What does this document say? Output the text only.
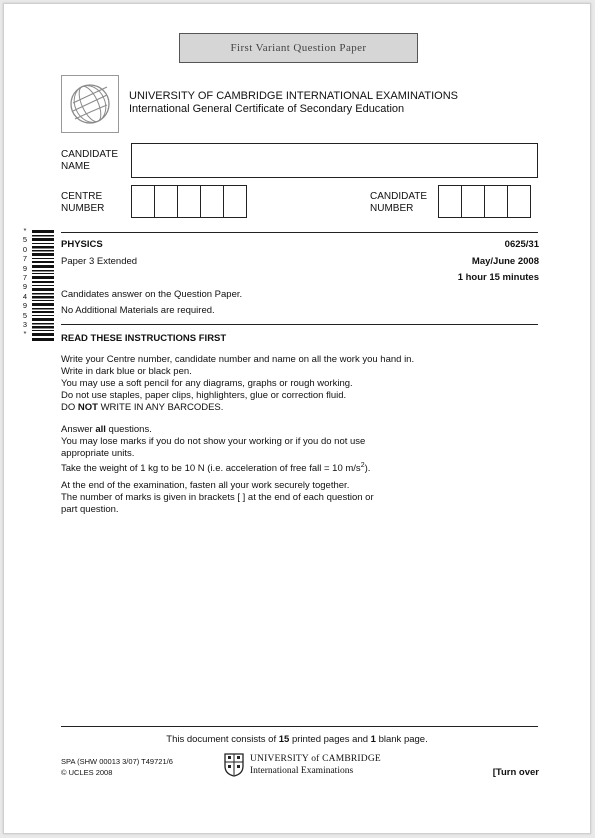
First Variant Question Paper
UNIVERSITY OF CAMBRIDGE INTERNATIONAL EXAMINATIONS
International General Certificate of Secondary Education
CANDIDATE
NAME
CENTRE
NUMBER
CANDIDATE
NUMBER
*
5
0
7
9
7
9
4
9
5
3
*
PHYSICS	0625/31
Paper 3 Extended	May/June 2008
1 hour 15 minutes
Candidates answer on the Question Paper.
No Additional Materials are required.
READ THESE INSTRUCTIONS FIRST
Write your Centre number, candidate number and name on all the work you hand in.
Write in dark blue or black pen.
You may use a soft pencil for any diagrams, graphs or rough working.
Do not use staples, paper clips, highlighters, glue or correction fluid.
DO NOT WRITE IN ANY BARCODES.
Answer all questions.
You may lose marks if you do not show your working or if you do not use
appropriate units.
Take the weight of 1 kg to be 10 N (i.e. acceleration of free fall = 10 $m/s^2$).
At the end of the examination, fasten all your work securely together.
The number of marks is given in brackets [ ] at the end of each question or
part question.
This document consists of 15 printed pages and 1 blank page.
SPA (SHW 00013 3/07) T49721/6
© UCLES 2008
UNIVERSITY of CAMBRIDGE
International Examinations	[Turn over
